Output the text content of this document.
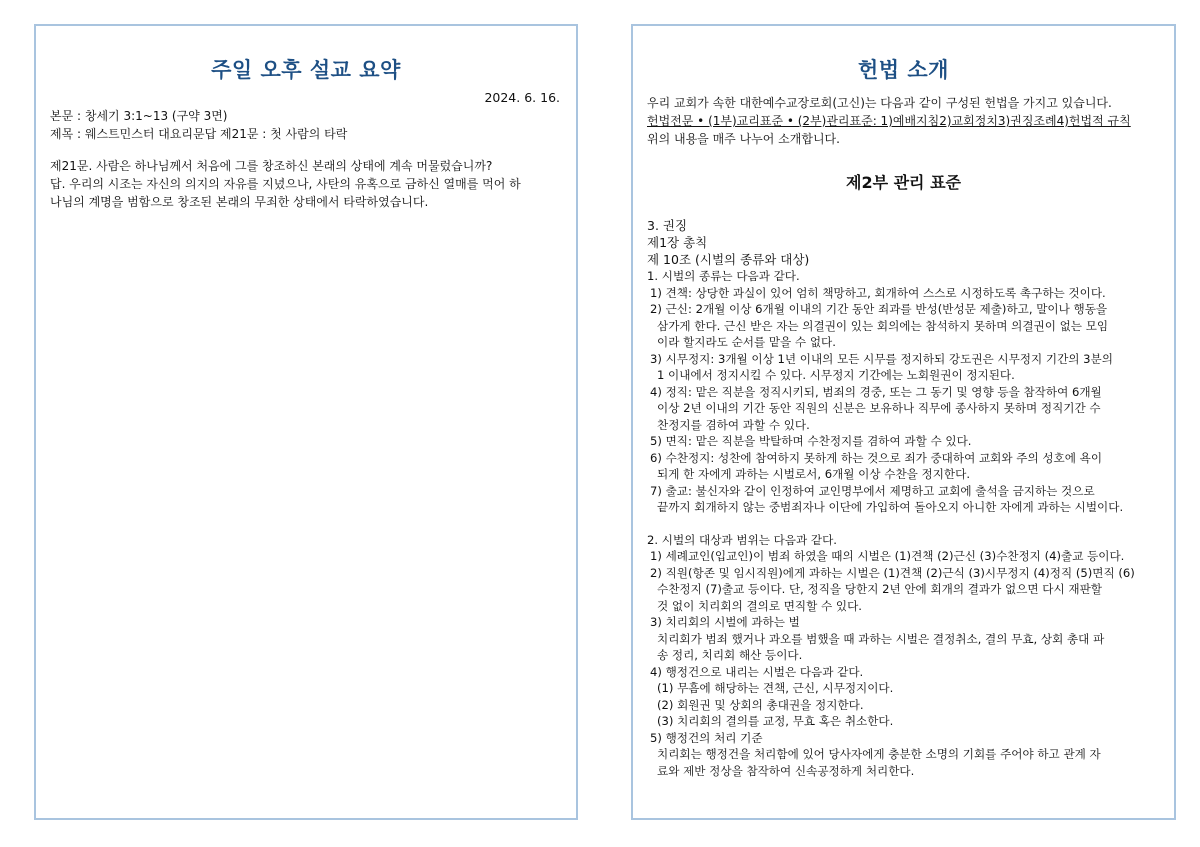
주일 오후 설교 요약
2024. 6. 16.
본문 : 창세기 3:1~13 (구약 3면)
제목 : 웨스트민스터 대요리문답 제21문 : 첫 사람의 타락
제21문. 사람은 하나님께서 처음에 그를 창조하신 본래의 상태에 계속 머물렀습니까?
답. 우리의 시조는 자신의 의지의 자유를 지녔으나, 사탄의 유혹으로 금하신 열매를 먹어 하
나님의 계명을 범함으로 창조된 본래의 무죄한 상태에서 타락하였습니다.
헌법 소개
우리 교회가 속한 대한예수교장로회(고신)는 다음과 같이 구성된 헌법을 가지고 있습니다.
헌법전문 • (1부)교리표준 • (2부)관리표준: 1)예배지침2)교회정치3)권징조례4)헌법적 규칙
위의 내용을 매주 나누어 소개합니다.
제2부 관리 표준
3. 권징
제1장 총칙
제 10조 (시벌의 종류와 대상)
1. 시벌의 종류는 다음과 같다.
1) 견책: 상당한 과실이 있어 엄히 책망하고, 회개하여 스스로 시정하도록 촉구하는 것이다.
2) 근신: 2개월 이상 6개월 이내의 기간 동안 죄과를 반성(반성문 제출)하고, 말이나 행동을
삼가게 한다. 근신 받은 자는 의결권이 있는 회의에는 참석하지 못하며 의결권이 없는 모임
이라 할지라도 순서를 맡을 수 없다.
3) 시무정지: 3개월 이상 1년 이내의 모든 시무를 정지하되 강도권은 시무정지 기간의 3분의
1 이내에서 정지시킬 수 있다. 시무정지 기간에는 노회원권이 정지된다.
4) 정직: 맡은 직분을 정직시키되, 범죄의 경중, 또는 그 동기 및 영향 등을 참작하여 6개월
이상 2년 이내의 기간 동안 직원의 신분은 보유하나 직무에 종사하지 못하며 정직기간 수
찬정지를 겸하여 과할 수 있다.
5) 면직: 맡은 직분을 박탈하며 수찬정지를 겸하여 과할 수 있다.
6) 수찬정지: 성찬에 참여하지 못하게 하는 것으로 죄가 중대하여 교회와 주의 성호에 욕이
되게 한 자에게 과하는 시벌로서, 6개월 이상 수찬을 정지한다.
7) 출교: 불신자와 같이 인정하여 교인명부에서 제명하고 교회에 출석을 금지하는 것으로
끝까지 회개하지 않는 중범죄자나 이단에 가입하여 돌아오지 아니한 자에게 과하는 시벌이다.
2. 시벌의 대상과 범위는 다음과 같다.
1) 세례교인(입교인)이 범죄 하였을 때의 시벌은 (1)견책 (2)근신 (3)수찬정지 (4)출교 등이다.
2) 직원(항존 및 임시직원)에게 과하는 시벌은 (1)견책 (2)근식 (3)시무정지 (4)정직 (5)면직 (6)
수찬정지 (7)출교 등이다. 단, 정직을 당한지 2년 안에 회개의 결과가 없으면 다시 재판할
것 없이 치리회의 결의로 면직할 수 있다.
3) 치리회의 시벌에 과하는 벌
치리회가 범죄 했거나 과오를 범했을 때 과하는 시벌은 결정취소, 결의 무효, 상회 총대 파
송 정리, 치리회 해산 등이다.
4) 행정건으로 내리는 시벌은 다음과 같다.
(1) 무흠에 해당하는 견책, 근신, 시무정지이다.
(2) 회원권 및 상회의 총대권을 정지한다.
(3) 치리회의 결의를 교정, 무효 혹은 취소한다.
5) 행정건의 처리 기준
치리회는 행정건을 처리함에 있어 당사자에게 충분한 소명의 기회를 주어야 하고 관계 자
료와 제반 정상을 참작하여 신속공정하게 처리한다.
